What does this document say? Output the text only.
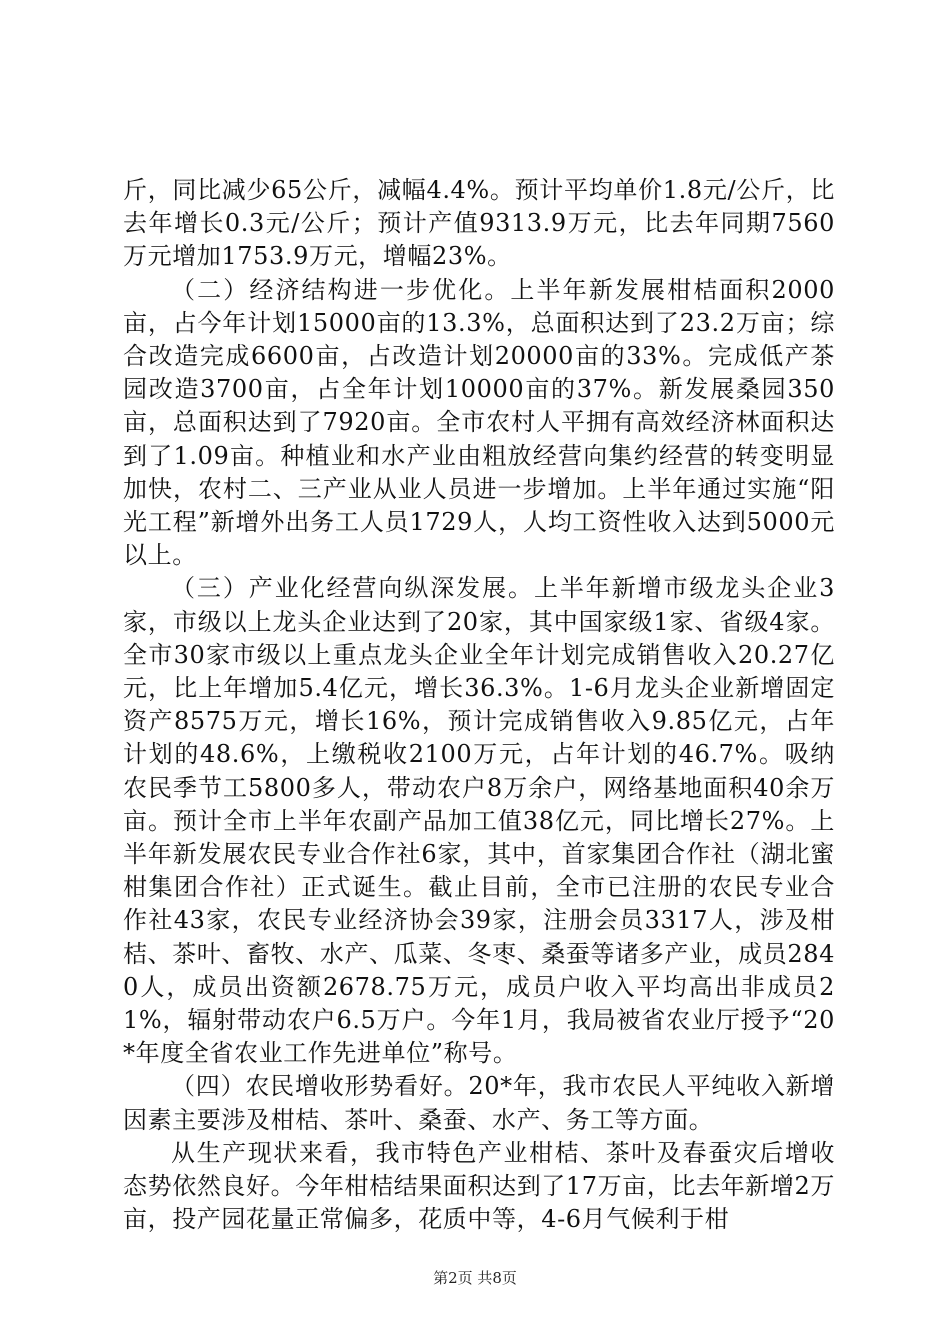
斤，同比减少65公斤，减幅4.4%。预计平均单价1.8元/公斤，比去年增长0.3元/公斤；预计产值9313.9万元，比去年同期7560万元增加1753.9万元，增幅23%。

（二）经济结构进一步优化。上半年新发展柑桔面积2000亩，占今年计划15000亩的13.3%，总面积达到了23.2万亩；综合改造完成6600亩，占改造计划20000亩的33%。完成低产茶园改造3700亩，占全年计划10000亩的37%。新发展桑园350亩，总面积达到了7920亩。全市农村人平拥有高效经济林面积达到了1.09亩。种植业和水产业由粗放经营向集约经营的转变明显加快，农村二、三产业从业人员进一步增加。上半年通过实施“阳光工程”新增外出务工人员1729人，人均工资性收入达到5000元以上。

（三）产业化经营向纵深发展。上半年新增市级龙头企业3家，市级以上龙头企业达到了20家，其中国家级1家、省级4家。全市30家市级以上重点龙头企业全年计划完成销售收入20.27亿元，比上年增加5.4亿元，增长36.3%。1-6月龙头企业新增固定资产8575万元，增长16%，预计完成销售收入9.85亿元，占年计划的48.6%，上缴税收2100万元，占年计划的46.7%。吸纳农民季节工5800多人，带动农户8万余户，网络基地面积40余万亩。预计全市上半年农副产品加工值38亿元，同比增长27%。上半年新发展农民专业合作社6家，其中，首家集团合作社（湖北蜜柑集团合作社）正式诞生。截止目前，全市已注册的农民专业合作社43家，农民专业经济协会39家，注册会员3317人，涉及柑桔、茶叶、畜牧、水产、瓜菜、冬枣、桑蚕等诸多产业，成员2840人，成员出资额2678.75万元，成员户收入平均高出非成员21%，辐射带动农户6.5万户。今年1月，我局被省农业厅授予“20*年度全省农业工作先进单位”称号。

（四）农民增收形势看好。20*年，我市农民人平纯收入新增因素主要涉及柑桔、茶叶、桑蚕、水产、务工等方面。

从生产现状来看，我市特色产业柑桔、茶叶及春蚕灾后增收态势依然良好。今年柑桔结果面积达到了17万亩，比去年新增2万亩，投产园花量正常偏多，花质中等，4-6月气候利于柑

第2页 共8页
